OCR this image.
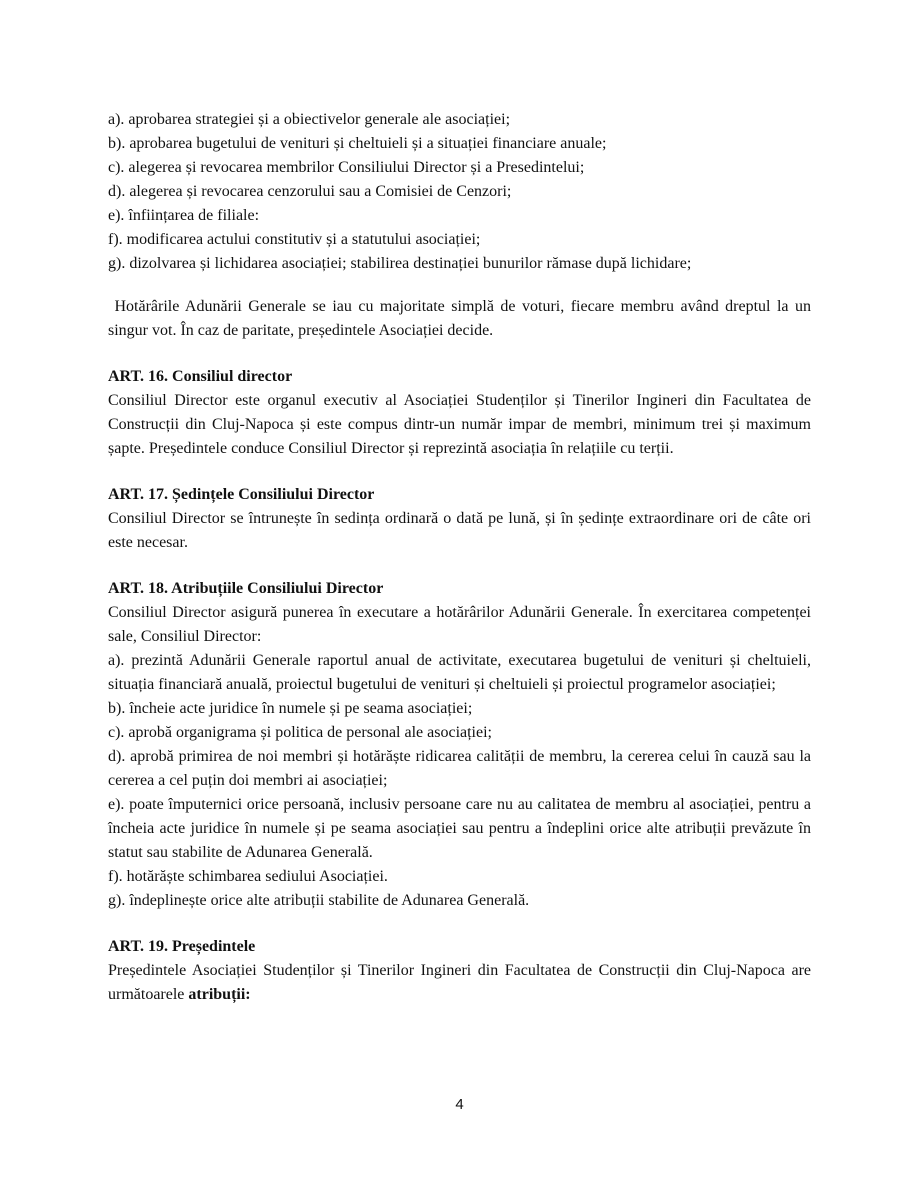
a). aprobarea strategiei și a obiectivelor generale ale asociației;

b). aprobarea bugetului de venituri și cheltuieli și a situației financiare anuale;

c). alegerea și revocarea membrilor Consiliului Director și a Presedintelui;

d). alegerea și revocarea cenzorului sau a Comisiei de Cenzori;

e). înființarea de filiale:

f). modificarea actului constitutiv și a statutului asociației;

g). dizolvarea și lichidarea asociației; stabilirea destinației bunurilor rămase după lichidare;

Hotărârile Adunării Generale se iau cu majoritate simplă de voturi, fiecare membru având dreptul la un singur vot. În caz de paritate, președintele Asociației decide.

ART. 16. Consiliul director

Consiliul Director este organul executiv al Asociației Studenților și Tinerilor Ingineri din Facultatea de Construcții din Cluj-Napoca și este compus dintr-un număr impar de membri, minimum trei și maximum șapte. Președintele conduce Consiliul Director și reprezintă asociația în relațiile cu terții.

ART. 17. Ședințele Consiliului Director

Consiliul Director se întrunește în sedința ordinară o dată pe lună, și în ședințe extraordinare ori de câte ori este necesar.

ART. 18. Atribuțiile Consiliului Director

Consiliul Director asigură punerea în executare a hotărârilor Adunării Generale. În exercitarea competenței sale, Consiliul Director:

a). prezintă Adunării Generale raportul anual de activitate, executarea bugetului de venituri și cheltuieli, situația financiară anuală, proiectul bugetului de venituri și cheltuieli și proiectul programelor asociației;

b). încheie acte juridice în numele și pe seama asociației;

c). aprobă organigrama și politica de personal ale asociației;

d). aprobă primirea de noi membri și hotărăște ridicarea calității de membru, la cererea celui în cauză sau la cererea a cel puțin doi membri ai asociației;

e). poate împuternici orice persoană, inclusiv persoane care nu au calitatea de membru al asociației, pentru a încheia acte juridice în numele și pe seama asociației sau pentru a îndeplini orice alte atribuții prevăzute în statut sau stabilite de Adunarea Generală.

f). hotărăște schimbarea sediului Asociației.

g). îndeplinește orice alte atribuții stabilite de Adunarea Generală.

ART. 19. Președintele

Președintele Asociației Studenților și Tinerilor Ingineri din Facultatea de Construcții din Cluj-Napoca are următoarele atribuții:

4
